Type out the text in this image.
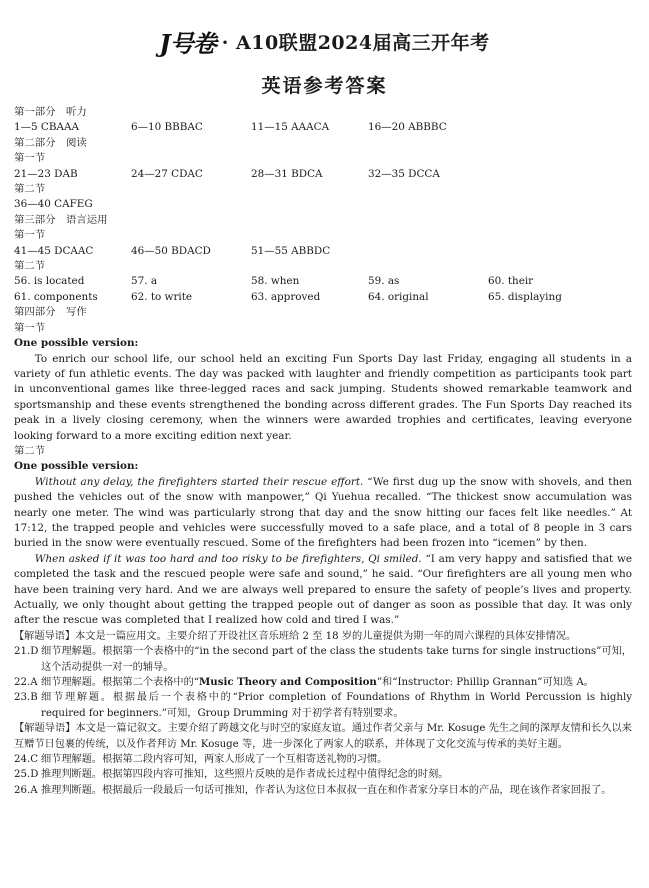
J号卷 · A10联盟2024届高三开年考
英语参考答案
第一部分　听力
1—5 CBAAA	6—10 BBBAC	11—15 AAACA	16—20 ABBBC
第二部分　阅读
第一节
21—23 DAB	24—27 CDAC	28—31 BDCA	32—35 DCCA
第二节
36—40 CAFEG
第三部分　语言运用
第一节
41—45 DCAAC	46—50 BDACD	51—55 ABBDC
第二节
56. is located	57. a	58. when	59. as	60. their
61. components	62. to write	63. approved	64. original	65. displaying
第四部分　写作
第一节
One possible version:
To enrich our school life, our school held an exciting Fun Sports Day last Friday, engaging all students in a variety of fun athletic events. The day was packed with laughter and friendly competition as participants took part in unconventional games like three-legged races and sack jumping. Students showed remarkable teamwork and sportsmanship and these events strengthened the bonding across different grades. The Fun Sports Day reached its peak in a lively closing ceremony, when the winners were awarded trophies and certificates, leaving everyone looking forward to a more exciting edition next year.
第二节
One possible version:
Without any delay, the firefighters started their rescue effort. “We first dug up the snow with shovels, and then pushed the vehicles out of the snow with manpower,” Qi Yuehua recalled. “The thickest snow accumulation was nearly one meter. The wind was particularly strong that day and the snow hitting our faces felt like needles.” At 17:12, the trapped people and vehicles were successfully moved to a safe place, and a total of 8 people in 3 cars buried in the snow were eventually rescued. Some of the firefighters had been frozen into “icemen” by then.
When asked if it was too hard and too risky to be firefighters, Qi smiled. “I am very happy and satisfied that we completed the task and the rescued people were safe and sound,” he said. “Our firefighters are all young men who have been training very hard. And we are always well prepared to ensure the safety of people’s lives and property. Actually, we only thought about getting the trapped people out of danger as soon as possible that day. It was only after the rescue was completed that I realized how cold and tired I was.”
【解题导语】本文是一篇应用文。主要介绍了开设社区音乐班给 2 至 18 岁的儿童提供为期一年的周六课程的具体安排情况。
21.D 细节理解题。根据第一个表格中的“in the second part of the class the students take turns for single instructions”可知，这个活动提供一对一的辅导。
22.A 细节理解题。根据第二个表格中的“Music Theory and Composition”和“Instructor: Phillip Grannan”可知选 A。
23.B 细节理解题。根据最后一个表格中的“Prior completion of Foundations of Rhythm in World Percussion is highly required for beginners.”可知，Group Drumming 对于初学者有特别要求。
【解题导语】本文是一篇记叙文。主要介绍了跨越文化与时空的家庭友谊。通过作者父亲与 Mr. Kosuge 先生之间的深厚友情和长久以来互赠节日包裹的传统，以及作者拜访 Mr. Kosuge 等，进一步深化了两家人的联系，并体现了文化交流与传承的美好主题。
24.C 细节理解题。根据第二段内容可知，两家人形成了一个互相寄送礼物的习惯。
25.D 推理判断题。根据第四段内容可推知，这些照片反映的是作者成长过程中值得纪念的时刻。
26.A 推理判断题。根据最后一段最后一句话可推知，作者认为这位日本叔叔一直在和作者家分享日本的产品，现在该作者家回报了。
